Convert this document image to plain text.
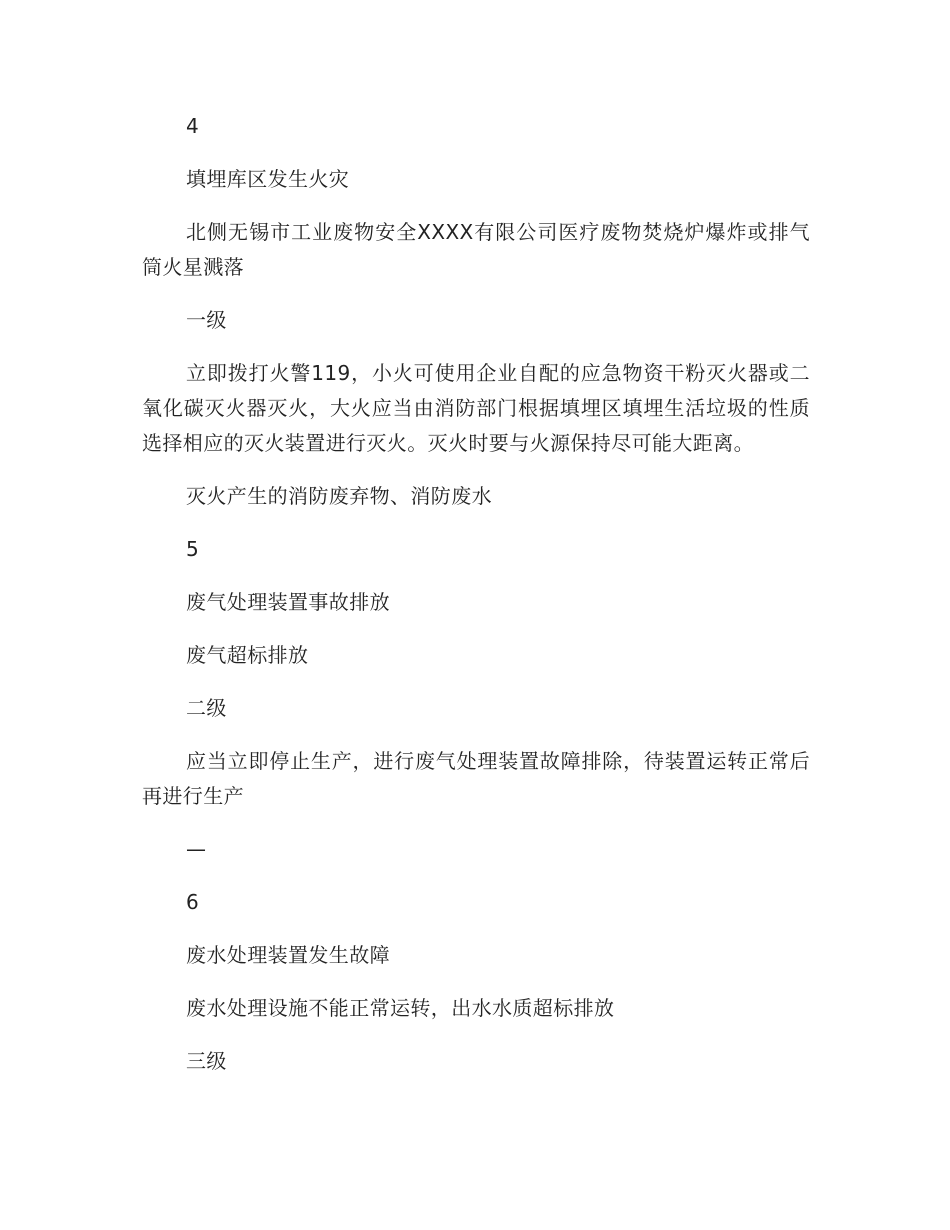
4

填埋库区发生火灾

北侧无锡市工业废物安全XXXX有限公司医疗废物焚烧炉爆炸或排气筒火星溅落

一级

立即拨打火警119，小火可使用企业自配的应急物资干粉灭火器或二氧化碳灭火器灭火，大火应当由消防部门根据填埋区填埋生活垃圾的性质选择相应的灭火装置进行灭火。灭火时要与火源保持尽可能大距离。

灭火产生的消防废弃物、消防废水

5

废气处理装置事故排放

废气超标排放

二级

应当立即停止生产，进行废气处理装置故障排除，待装置运转正常后再进行生产

—

6

废水处理装置发生故障

废水处理设施不能正常运转，出水水质超标排放

三级
